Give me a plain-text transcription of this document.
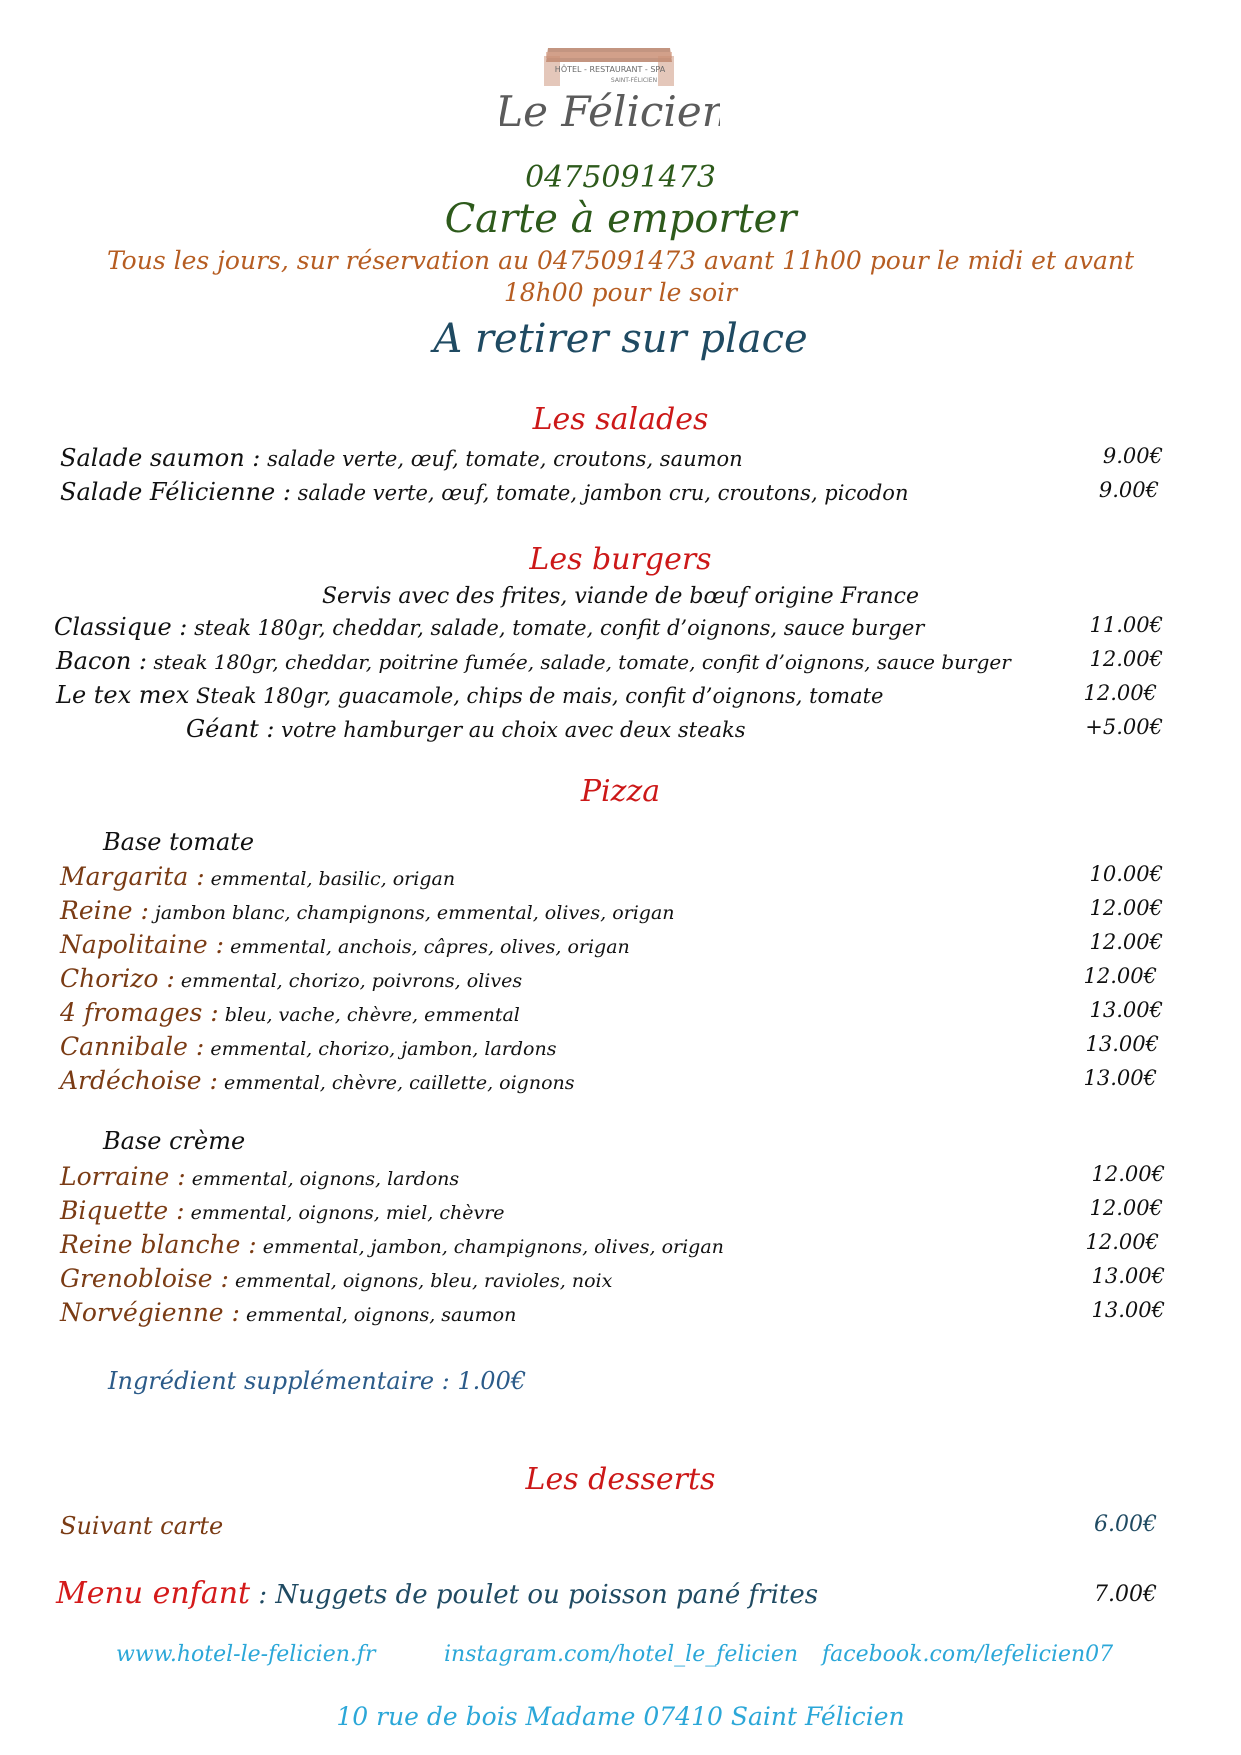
HÔTEL - RESTAURANT - SPA
SAINT-FÉLICIEN
Le Félicien
0475091473
Carte à emporter
Tous les jours, sur réservation au 0475091473 avant 11h00 pour le midi et avant
18h00 pour le soir
A retirer sur place
Les salades
Salade saumon : salade verte, œuf, tomate, croutons, saumon	9.00€
Salade Félicienne : salade verte, œuf, tomate, jambon cru, croutons, picodon	9.00€
Les burgers
Servis avec des frites, viande de bœuf origine France
Classique : steak 180gr, cheddar, salade, tomate, confit d’oignons, sauce burger	11.00€
Bacon : steak 180gr, cheddar, poitrine fumée, salade, tomate, confit d’oignons, sauce burger	12.00€
Le tex mex Steak 180gr, guacamole, chips de mais, confit d’oignons, tomate	12.00€
Géant : votre hamburger au choix avec deux steaks	+5.00€
Pizza
Base tomate
Margarita : emmental, basilic, origan	10.00€
Reine : jambon blanc, champignons, emmental, olives, origan	12.00€
Napolitaine : emmental, anchois, câpres, olives, origan	12.00€
Chorizo : emmental, chorizo, poivrons, olives	12.00€
4 fromages : bleu, vache, chèvre, emmental	13.00€
Cannibale : emmental, chorizo, jambon, lardons	13.00€
Ardéchoise : emmental, chèvre, caillette, oignons	13.00€
Base crème
Lorraine : emmental, oignons, lardons	12.00€
Biquette : emmental, oignons, miel, chèvre	12.00€
Reine blanche : emmental, jambon, champignons, olives, origan	12.00€
Grenobloise : emmental, oignons, bleu, ravioles, noix	13.00€
Norvégienne : emmental, oignons, saumon	13.00€
Ingrédient supplémentaire : 1.00€
Les desserts
Suivant carte	6.00€
Menu enfant : Nuggets de poulet ou poisson pané frites	7.00€
www.hotel-le-felicien.fr	instagram.com/hotel_le_felicien facebook.com/lefelicien07
10 rue de bois Madame 07410 Saint Félicien
